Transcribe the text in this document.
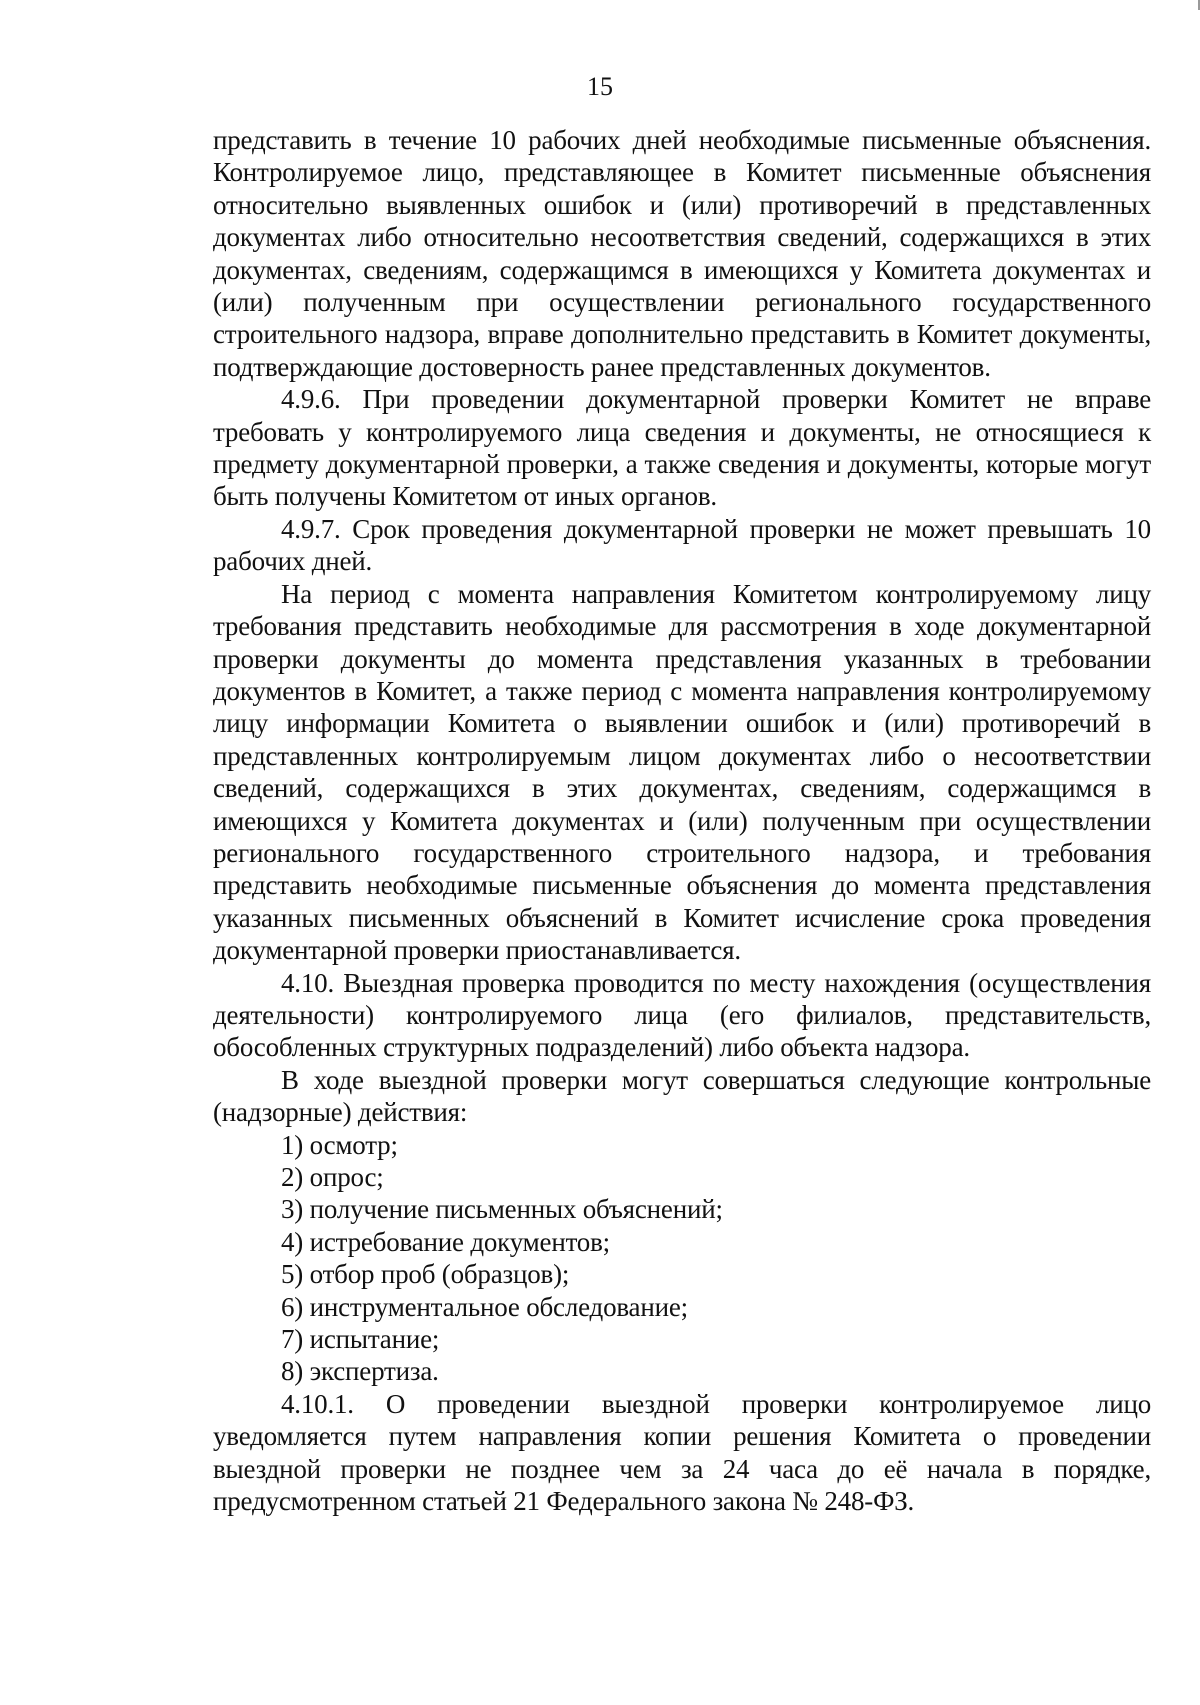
15

представить в течение 10 рабочих дней необходимые письменные объяснения. Контролируемое лицо, представляющее в Комитет письменные объяснения относительно выявленных ошибок и (или) противоречий в представленных документах либо относительно несоответствия сведений, содержащихся в этих документах, сведениям, содержащимся в имеющихся у Комитета документах и (или) полученным при осуществлении регионального государственного строительного надзора, вправе дополнительно представить в Комитет документы, подтверждающие достоверность ранее представленных документов.

4.9.6. При проведении документарной проверки Комитет не вправе требовать у контролируемого лица сведения и документы, не относящиеся к предмету документарной проверки, а также сведения и документы, которые могут быть получены Комитетом от иных органов.

4.9.7. Срок проведения документарной проверки не может превышать 10 рабочих дней.

На период с момента направления Комитетом контролируемому лицу требования представить необходимые для рассмотрения в ходе документарной проверки документы до момента представления указанных в требовании документов в Комитет, а также период с момента направления контролируемому лицу информации Комитета о выявлении ошибок и (или) противоречий в представленных контролируемым лицом документах либо о несоответствии сведений, содержащихся в этих документах, сведениям, содержащимся в имеющихся у Комитета документах и (или) полученным при осуществлении регионального государственного строительного надзора, и требования представить необходимые письменные объяснения до момента представления указанных письменных объяснений в Комитет исчисление срока проведения документарной проверки приостанавливается.

4.10. Выездная проверка проводится по месту нахождения (осуществления деятельности) контролируемого лица (его филиалов, представительств, обособленных структурных подразделений) либо объекта надзора.

В ходе выездной проверки могут совершаться следующие контрольные (надзорные) действия:

1) осмотр;

2) опрос;

3) получение письменных объяснений;

4) истребование документов;

5) отбор проб (образцов);

6) инструментальное обследование;

7) испытание;

8) экспертиза.

4.10.1. О проведении выездной проверки контролируемое лицо уведомляется путем направления копии решения Комитета о проведении выездной проверки не позднее чем за 24 часа до её начала в порядке, предусмотренном статьей 21 Федерального закона № 248-ФЗ.
